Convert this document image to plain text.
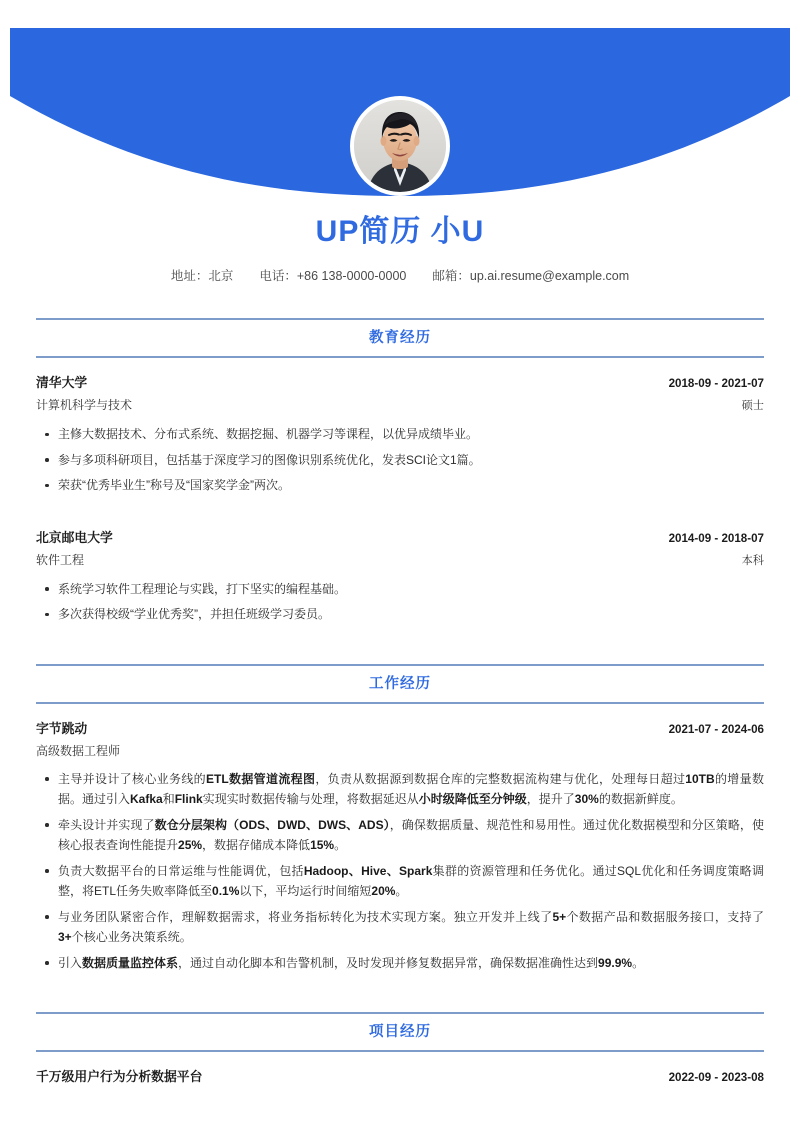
UP简历 小U
地址：北京 电话：+86 138-0000-0000 邮箱：up.ai.resume@example.com
教育经历
清华大学	2018-09 - 2021-07
计算机科学与技术	硕士
主修大数据技术、分布式系统、数据挖掘、机器学习等课程，以优异成绩毕业。
参与多项科研项目，包括基于深度学习的图像识别系统优化，发表SCI论文1篇。
荣获“优秀毕业生”称号及“国家奖学金”两次。
北京邮电大学	2014-09 - 2018-07
软件工程	本科
系统学习软件工程理论与实践，打下坚实的编程基础。
多次获得校级“学业优秀奖”，并担任班级学习委员。
工作经历
字节跳动	2021-07 - 2024-06
高级数据工程师
主导并设计了核心业务线的ETL数据管道流程图，负责从数据源到数据仓库的完整数据流构建与优化，处理每日超过10TB的增量数据。通过引入Kafka和Flink实现实时数据传输与处理，将数据延迟从小时级降低至分钟级，提升了30%的数据新鲜度。
牵头设计并实现了数仓分层架构（ODS、DWD、DWS、ADS），确保数据质量、规范性和易用性。通过优化数据模型和分区策略，使核心报表查询性能提升25%，数据存储成本降低15%。
负责大数据平台的日常运维与性能调优，包括Hadoop、Hive、Spark集群的资源管理和任务优化。通过SQL优化和任务调度策略调整，将ETL任务失败率降低至0.1%以下，平均运行时间缩短20%。
与业务团队紧密合作，理解数据需求，将业务指标转化为技术实现方案。独立开发并上线了5+个数据产品和数据服务接口，支持了3+个核心业务决策系统。
引入数据质量监控体系，通过自动化脚本和告警机制，及时发现并修复数据异常，确保数据准确性达到99.9%。
项目经历
千万级用户行为分析数据平台	2022-09 - 2023-08
